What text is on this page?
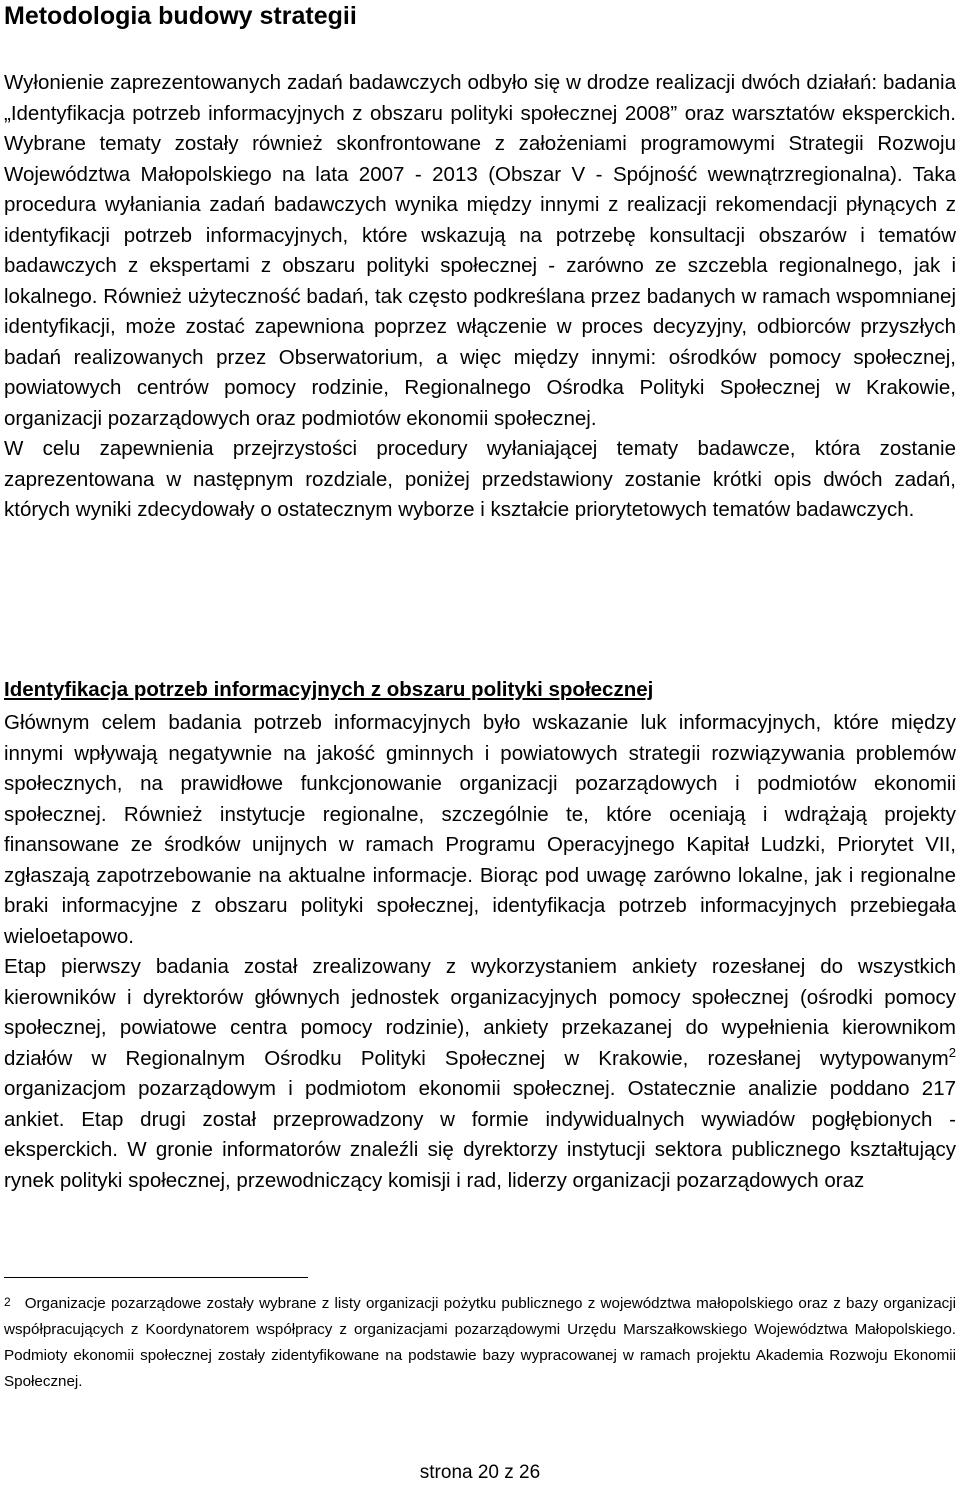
Metodologia budowy strategii

Wyłonienie zaprezentowanych zadań badawczych odbyło się w drodze realizacji dwóch działań: badania „Identyfikacja potrzeb informacyjnych z obszaru polityki społecznej 2008” oraz warsztatów eksperckich. Wybrane tematy zostały również skonfrontowane z założeniami programowymi Strategii Rozwoju Województwa Małopolskiego na lata 2007 - 2013 (Obszar V - Spójność wewnątrzregionalna). Taka procedura wyłaniania zadań badawczych wynika między innymi z realizacji rekomendacji płynących z identyfikacji potrzeb informacyjnych, które wskazują na potrzebę konsultacji obszarów i tematów badawczych z ekspertami z obszaru polityki społecznej - zarówno ze szczebla regionalnego, jak i lokalnego. Również użyteczność badań, tak często podkreślana przez badanych w ramach wspomnianej identyfikacji, może zostać zapewniona poprzez włączenie w proces decyzyjny, odbiorców przyszłych badań realizowanych przez Obserwatorium, a więc między innymi: ośrodków pomocy społecznej, powiatowych centrów pomocy rodzinie, Regionalnego Ośrodka Polityki Społecznej w Krakowie, organizacji pozarządowych oraz podmiotów ekonomii społecznej.

W celu zapewnienia przejrzystości procedury wyłaniającej tematy badawcze, która zostanie zaprezentowana w następnym rozdziale, poniżej przedstawiony zostanie krótki opis dwóch zadań, których wyniki zdecydowały o ostatecznym wyborze i kształcie priorytetowych tematów badawczych.

Identyfikacja potrzeb informacyjnych z obszaru polityki społecznej

Głównym celem badania potrzeb informacyjnych było wskazanie luk informacyjnych, które między innymi wpływają negatywnie na jakość gminnych i powiatowych strategii rozwiązywania problemów społecznych, na prawidłowe funkcjonowanie organizacji pozarządowych i podmiotów ekonomii społecznej. Również instytucje regionalne, szczególnie te, które oceniają i wdrążają projekty finansowane ze środków unijnych w ramach Programu Operacyjnego Kapitał Ludzki, Priorytet VII, zgłaszają zapotrzebowanie na aktualne informacje. Biorąc pod uwagę zarówno lokalne, jak i regionalne braki informacyjne z obszaru polityki społecznej, identyfikacja potrzeb informacyjnych przebiegała wieloetapowo.

Etap pierwszy badania został zrealizowany z wykorzystaniem ankiety rozesłanej do wszystkich kierowników i dyrektorów głównych jednostek organizacyjnych pomocy społecznej (ośrodki pomocy społecznej, powiatowe centra pomocy rodzinie), ankiety przekazanej do wypełnienia kierownikom działów w Regionalnym Ośrodku Polityki Społecznej w Krakowie, rozesłanej wytypowanym$^2$ organizacjom pozarządowym i podmiotom ekonomii społecznej. Ostatecznie analizie poddano 217 ankiet. Etap drugi został przeprowadzony w formie indywidualnych wywiadów pogłębionych - eksperckich. W gronie informatorów znaleźli się dyrektorzy instytucji sektora publicznego kształtujący rynek polityki społecznej, przewodniczący komisji i rad, liderzy organizacji pozarządowych oraz

$^2$ Organizacje pozarządowe zostały wybrane z listy organizacji pożytku publicznego z województwa małopolskiego oraz z bazy organizacji współpracujących z Koordynatorem współpracy z organizacjami pozarządowymi Urzędu Marszałkowskiego Województwa Małopolskiego. Podmioty ekonomii społecznej zostały zidentyfikowane na podstawie bazy wypracowanej w ramach projektu Akademia Rozwoju Ekonomii Społecznej.

strona 20 z 26
